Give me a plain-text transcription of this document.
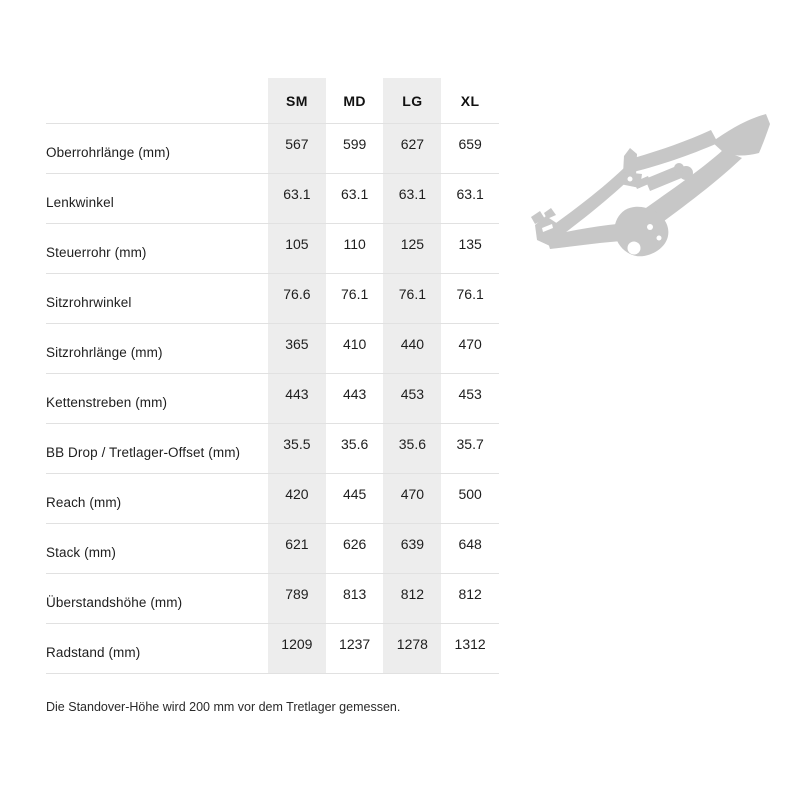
SM	MD	LG	XL
Oberrohrlänge (mm)	567	599	627	659
Lenkwinkel	63.1	63.1	63.1	63.1
Steuerrohr (mm)	105	110	125	135
Sitzrohrwinkel	76.6	76.1	76.1	76.1
Sitzrohrlänge (mm)	365	410	440	470
Kettenstreben (mm)	443	443	453	453
BB Drop / Tretlager-Offset (mm)	35.5	35.6	35.6	35.7
Reach (mm)	420	445	470	500
Stack (mm)	621	626	639	648
Überstandshöhe (mm)	789	813	812	812
Radstand (mm)	1209	1237	1278	1312
Die Standover-Höhe wird 200 mm vor dem Tretlager gemessen.
